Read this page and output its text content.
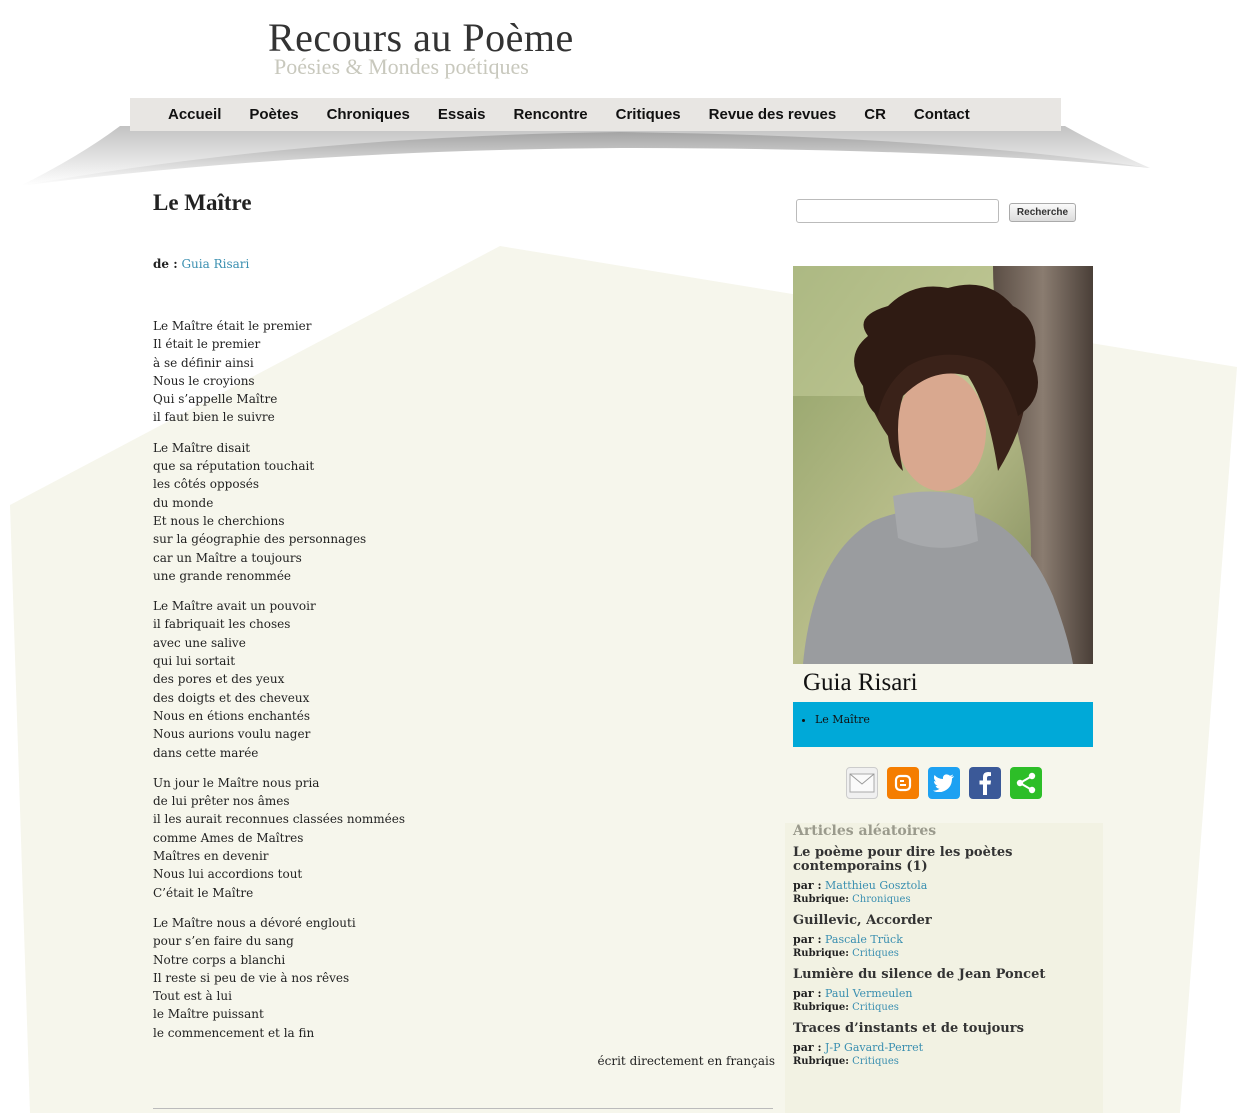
Recours au Poème
Poésies & Mondes poétiques
Accueil	Poètes	Chroniques	Essais	Rencontre	Critiques	Revue des revues	CR	Contact
Le Maître
de : Guia Risari
Le Maître était le premier
Il était le premier
à se définir ainsi
Nous le croyions
Qui s’appelle Maître
il faut bien le suivre
Le Maître disait
que sa réputation touchait
les côtés opposés
du monde
Et nous le cherchions
sur la géographie des personnages
car un Maître a toujours
une grande renommée
Le Maître avait un pouvoir
il fabriquait les choses
avec une salive
qui lui sortait
des pores et des yeux
des doigts et des cheveux
Nous en étions enchantés
Nous aurions voulu nager
dans cette marée
Un jour le Maître nous pria
de lui prêter nos âmes
il les aurait reconnues classées nommées
comme Ames de Maîtres
Maîtres en devenir
Nous lui accordions tout
C’était le Maître
Le Maître nous a dévoré englouti
pour s’en faire du sang
Notre corps a blanchi
Il reste si peu de vie à nos rêves
Tout est à lui
le Maître puissant
le commencement et la fin
écrit directement en français
Recherche
Guia Risari
• Le Maître
Articles aléatoires
Le poème pour dire les poètes contemporains (1)
par : Matthieu Gosztola
Rubrique: Chroniques
Guillevic, Accorder
par : Pascale Trück
Rubrique: Critiques
Lumière du silence de Jean Poncet
par : Paul Vermeulen
Rubrique: Critiques
Traces d’instants et de toujours
par : J-P Gavard-Perret
Rubrique: Critiques
